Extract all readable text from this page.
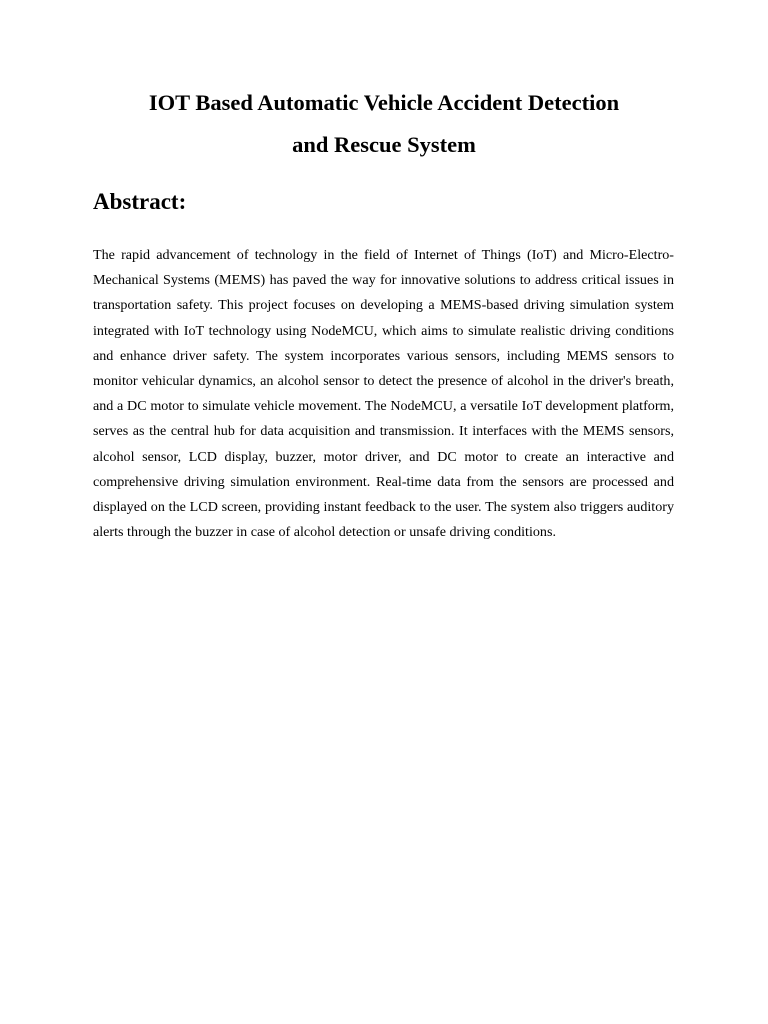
IOT Based Automatic Vehicle Accident Detection
and Rescue System
Abstract:

The rapid advancement of technology in the field of Internet of Things (IoT) and Micro-Electro-Mechanical Systems (MEMS) has paved the way for innovative solutions to address critical issues in transportation safety. This project focuses on developing a MEMS-based driving simulation system integrated with IoT technology using NodeMCU, which aims to simulate realistic driving conditions and enhance driver safety. The system incorporates various sensors, including MEMS sensors to monitor vehicular dynamics, an alcohol sensor to detect the presence of alcohol in the driver's breath, and a DC motor to simulate vehicle movement. The NodeMCU, a versatile IoT development platform, serves as the central hub for data acquisition and transmission. It interfaces with the MEMS sensors, alcohol sensor, LCD display, buzzer, motor driver, and DC motor to create an interactive and comprehensive driving simulation environment. Real-time data from the sensors are processed and displayed on the LCD screen, providing instant feedback to the user. The system also triggers auditory alerts through the buzzer in case of alcohol detection or unsafe driving conditions.
